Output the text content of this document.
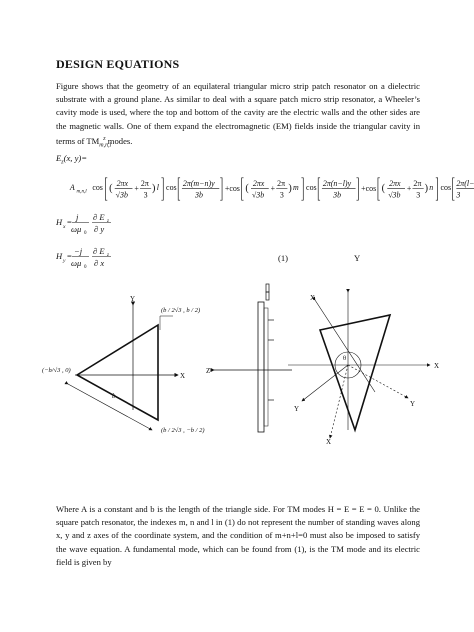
DESIGN EQUATIONS
Figure shows that the geometry of an equilateral triangular micro strip patch resonator on a dielectric substrate with a ground plane. As similar to deal with a square patch micro strip resonator, a Wheeler’s cavity mode is used, where the top and bottom of the cavity are the electric walls and the other sides are the magnetic walls. One of them expand the electromagnetic (EM) fields inside the triangular cavity in terms of $TM_{m,n,l}^z$ modes.
$E_z(x$, y)=
A m,n,l cos ( 2πx
√3b
+
2π
3
) l cos 2π(m−n)y
3b
+cos ( 2πx
√3b
+
2π
3
) m cos 2π(n−l)y
3b
+cos ( 2πx
√3b
+
2π
3
) n cos 2π(l−
3
H x = j
ωμ 0
∂ E z
∂ y
H y = −j
ωμ 0
∂ E z
∂ x	(1)	Y
Y
X
b
(b / 2√3 , b / 2)
(−b/√3 , 0)
(b / 2√3 , −b / 2)
Z
X
X
θ
Y
Y
X
Where A is a constant and b is the length of the triangle side. For TM modes H = E = E = 0. Unlike the square patch resonator, the indexes m, n and l in (1) do not represent the number of standing waves along x, y and z axes of the coordinate system, and the condition of m+n+l=0 must also be imposed to satisfy the wave equation. A fundamental mode, which can be found from (1), is the TM mode and its electric field is given by
